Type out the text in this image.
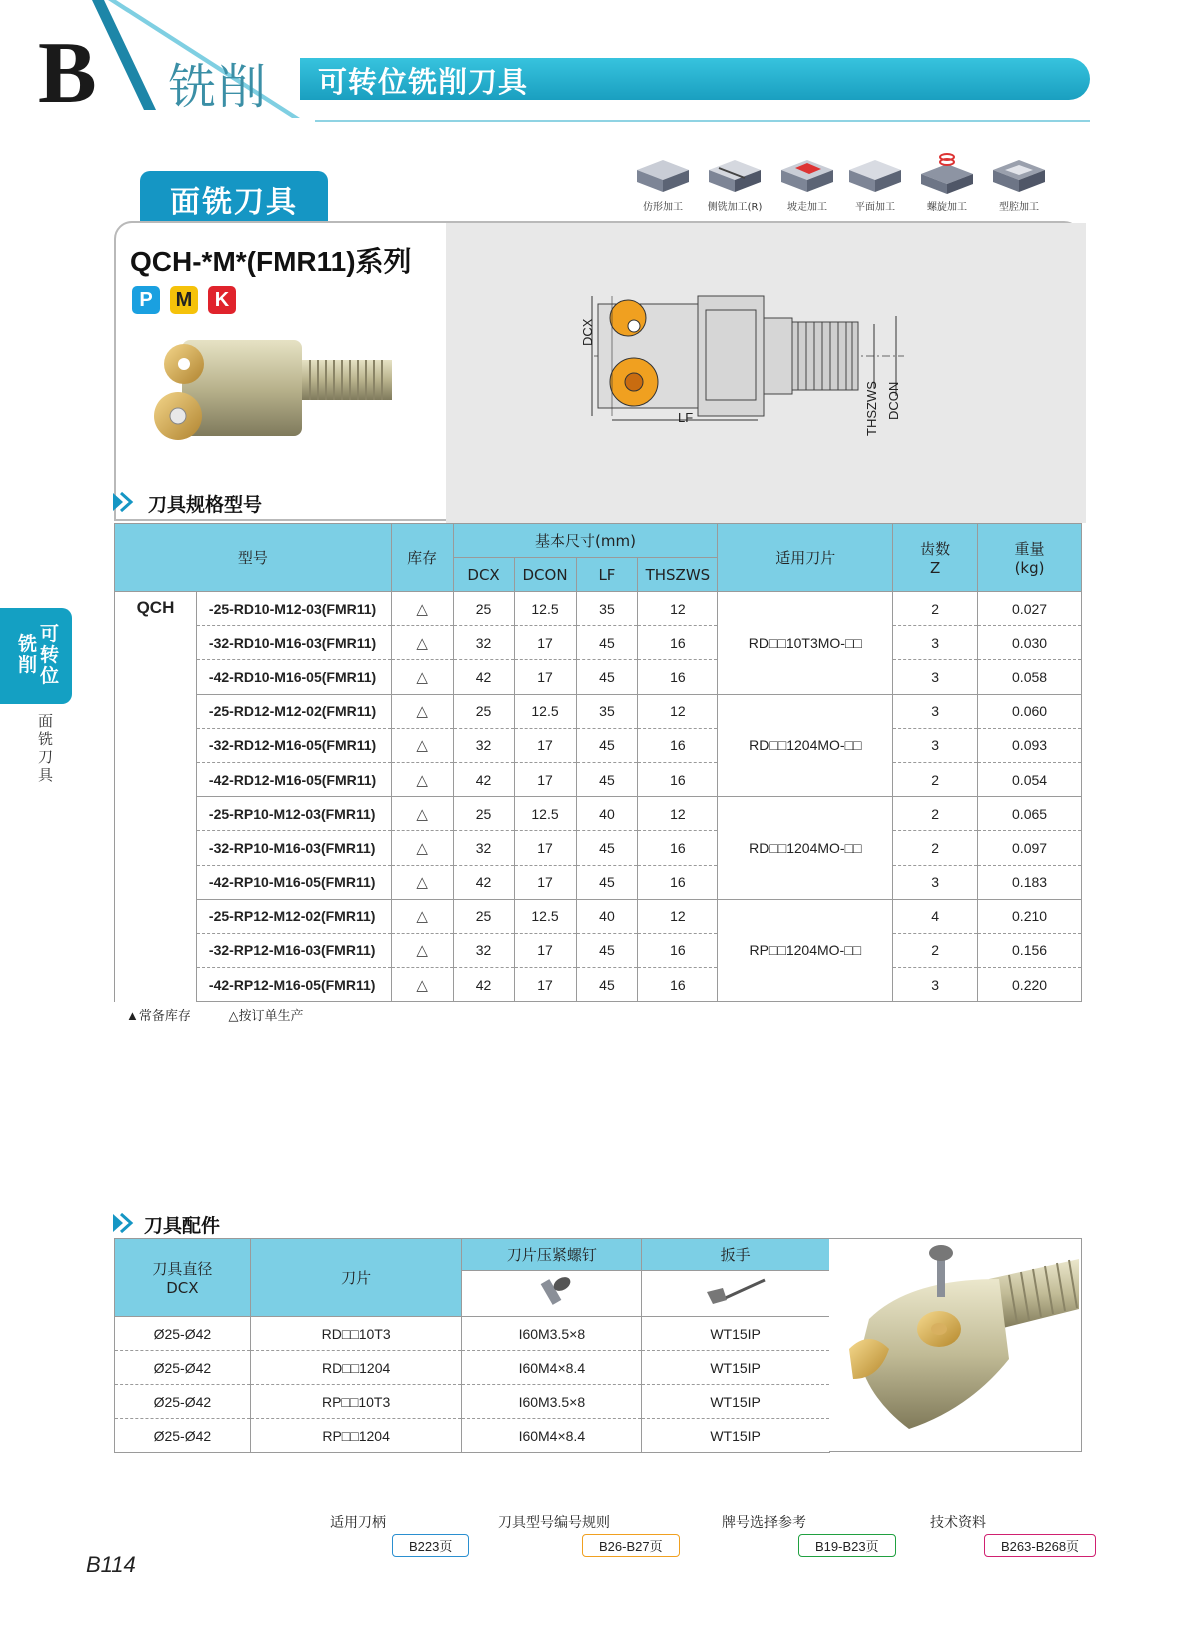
B 铣削 可转位铣削刀具
铣削
可转位
面铣刀具
面铣刀具	仿形加工	侧铣加工(R)	坡走加工	平面加工	螺旋加工	型腔加工
QCH-*M*(FMR11)系列
P	M	K
DCX
LF	THSZWS DCON
刀具规格型号
型号		库存	基本尺寸(mm)				适用刀片	齿数
Z	重量
(kg)
			DCX	DCON	LF	THSZWS			
QCH	-25-RD10-M12-03(FMR11)	△	25	12.5	35	12	RD□□10T3MO-□□	2	0.027
	-32-RD10-M16-03(FMR11)	△	32	17	45	16		3	0.030
	-42-RD10-M16-05(FMR11)	△	42	17	45	16		3	0.058
	-25-RD12-M12-02(FMR11)	△	25	12.5	35	12	RD□□1204MO-□□	3	0.060
	-32-RD12-M16-05(FMR11)	△	32	17	45	16		3	0.093
	-42-RD12-M16-05(FMR11)	△	42	17	45	16		2	0.054
	-25-RP10-M12-03(FMR11)	△	25	12.5	40	12	RD□□1204MO-□□	2	0.065
	-32-RP10-M16-03(FMR11)	△	32	17	45	16		2	0.097
	-42-RP10-M16-05(FMR11)	△	42	17	45	16		3	0.183
	-25-RP12-M12-02(FMR11)	△	25	12.5	40	12	RP□□1204MO-□□	4	0.210
	-32-RP12-M16-03(FMR11)	△	32	17	45	16		2	0.156
	-42-RP12-M16-05(FMR11)	△	42	17	45	16		3	0.220
▲常备库存	△按订单生产
刀具配件
刀具直径
DCX	刀片	刀片压紧螺钉	扳手

Ø25-Ø42	RD□□10T3	I60M3.5×8	WT15IP
Ø25-Ø42	RD□□1204	I60M4×8.4	WT15IP
Ø25-Ø42	RP□□10T3	I60M3.5×8	WT15IP
Ø25-Ø42	RP□□1204	I60M4×8.4	WT15IP
适用刀柄
B223页
刀具型号编号规则
B26-B27页
牌号选择参考
B19-B23页
技术资料
B263-B268页
B114
